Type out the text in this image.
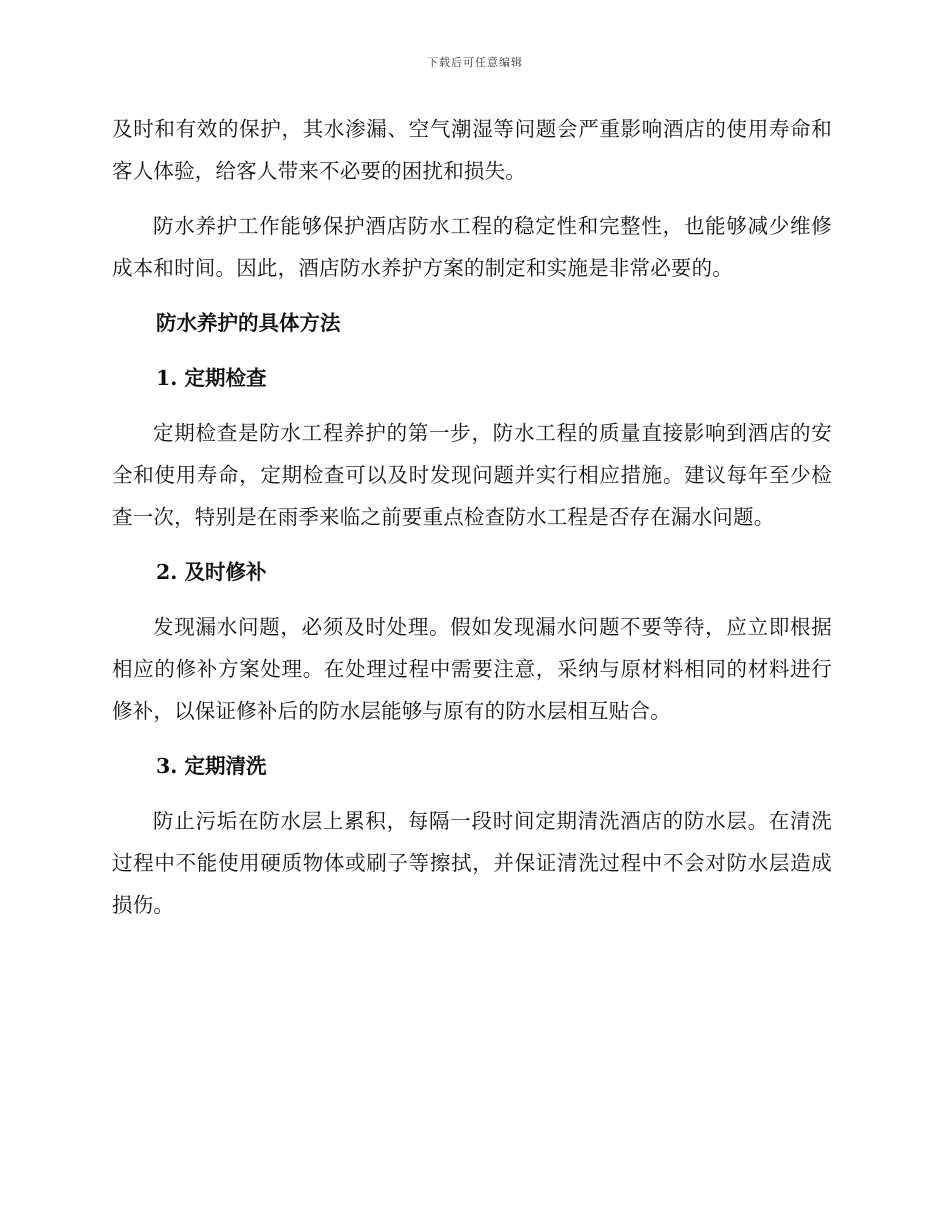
下载后可任意编辑

及时和有效的保护，其水渗漏、空气潮湿等问题会严重影响酒店的使用寿命和客人体验，给客人带来不必要的困扰和损失。

防水养护工作能够保护酒店防水工程的稳定性和完整性，也能够减少维修成本和时间。因此，酒店防水养护方案的制定和实施是非常必要的。

防水养护的具体方法
1. 定期检查

定期检查是防水工程养护的第一步，防水工程的质量直接影响到酒店的安全和使用寿命，定期检查可以及时发现问题并实行相应措施。建议每年至少检查一次，特别是在雨季来临之前要重点检查防水工程是否存在漏水问题。

2. 及时修补

发现漏水问题，必须及时处理。假如发现漏水问题不要等待，应立即根据相应的修补方案处理。在处理过程中需要注意，采纳与原材料相同的材料进行修补，以保证修补后的防水层能够与原有的防水层相互贴合。

3. 定期清洗

防止污垢在防水层上累积，每隔一段时间定期清洗酒店的防水层。在清洗过程中不能使用硬质物体或刷子等擦拭，并保证清洗过程中不会对防水层造成损伤。
